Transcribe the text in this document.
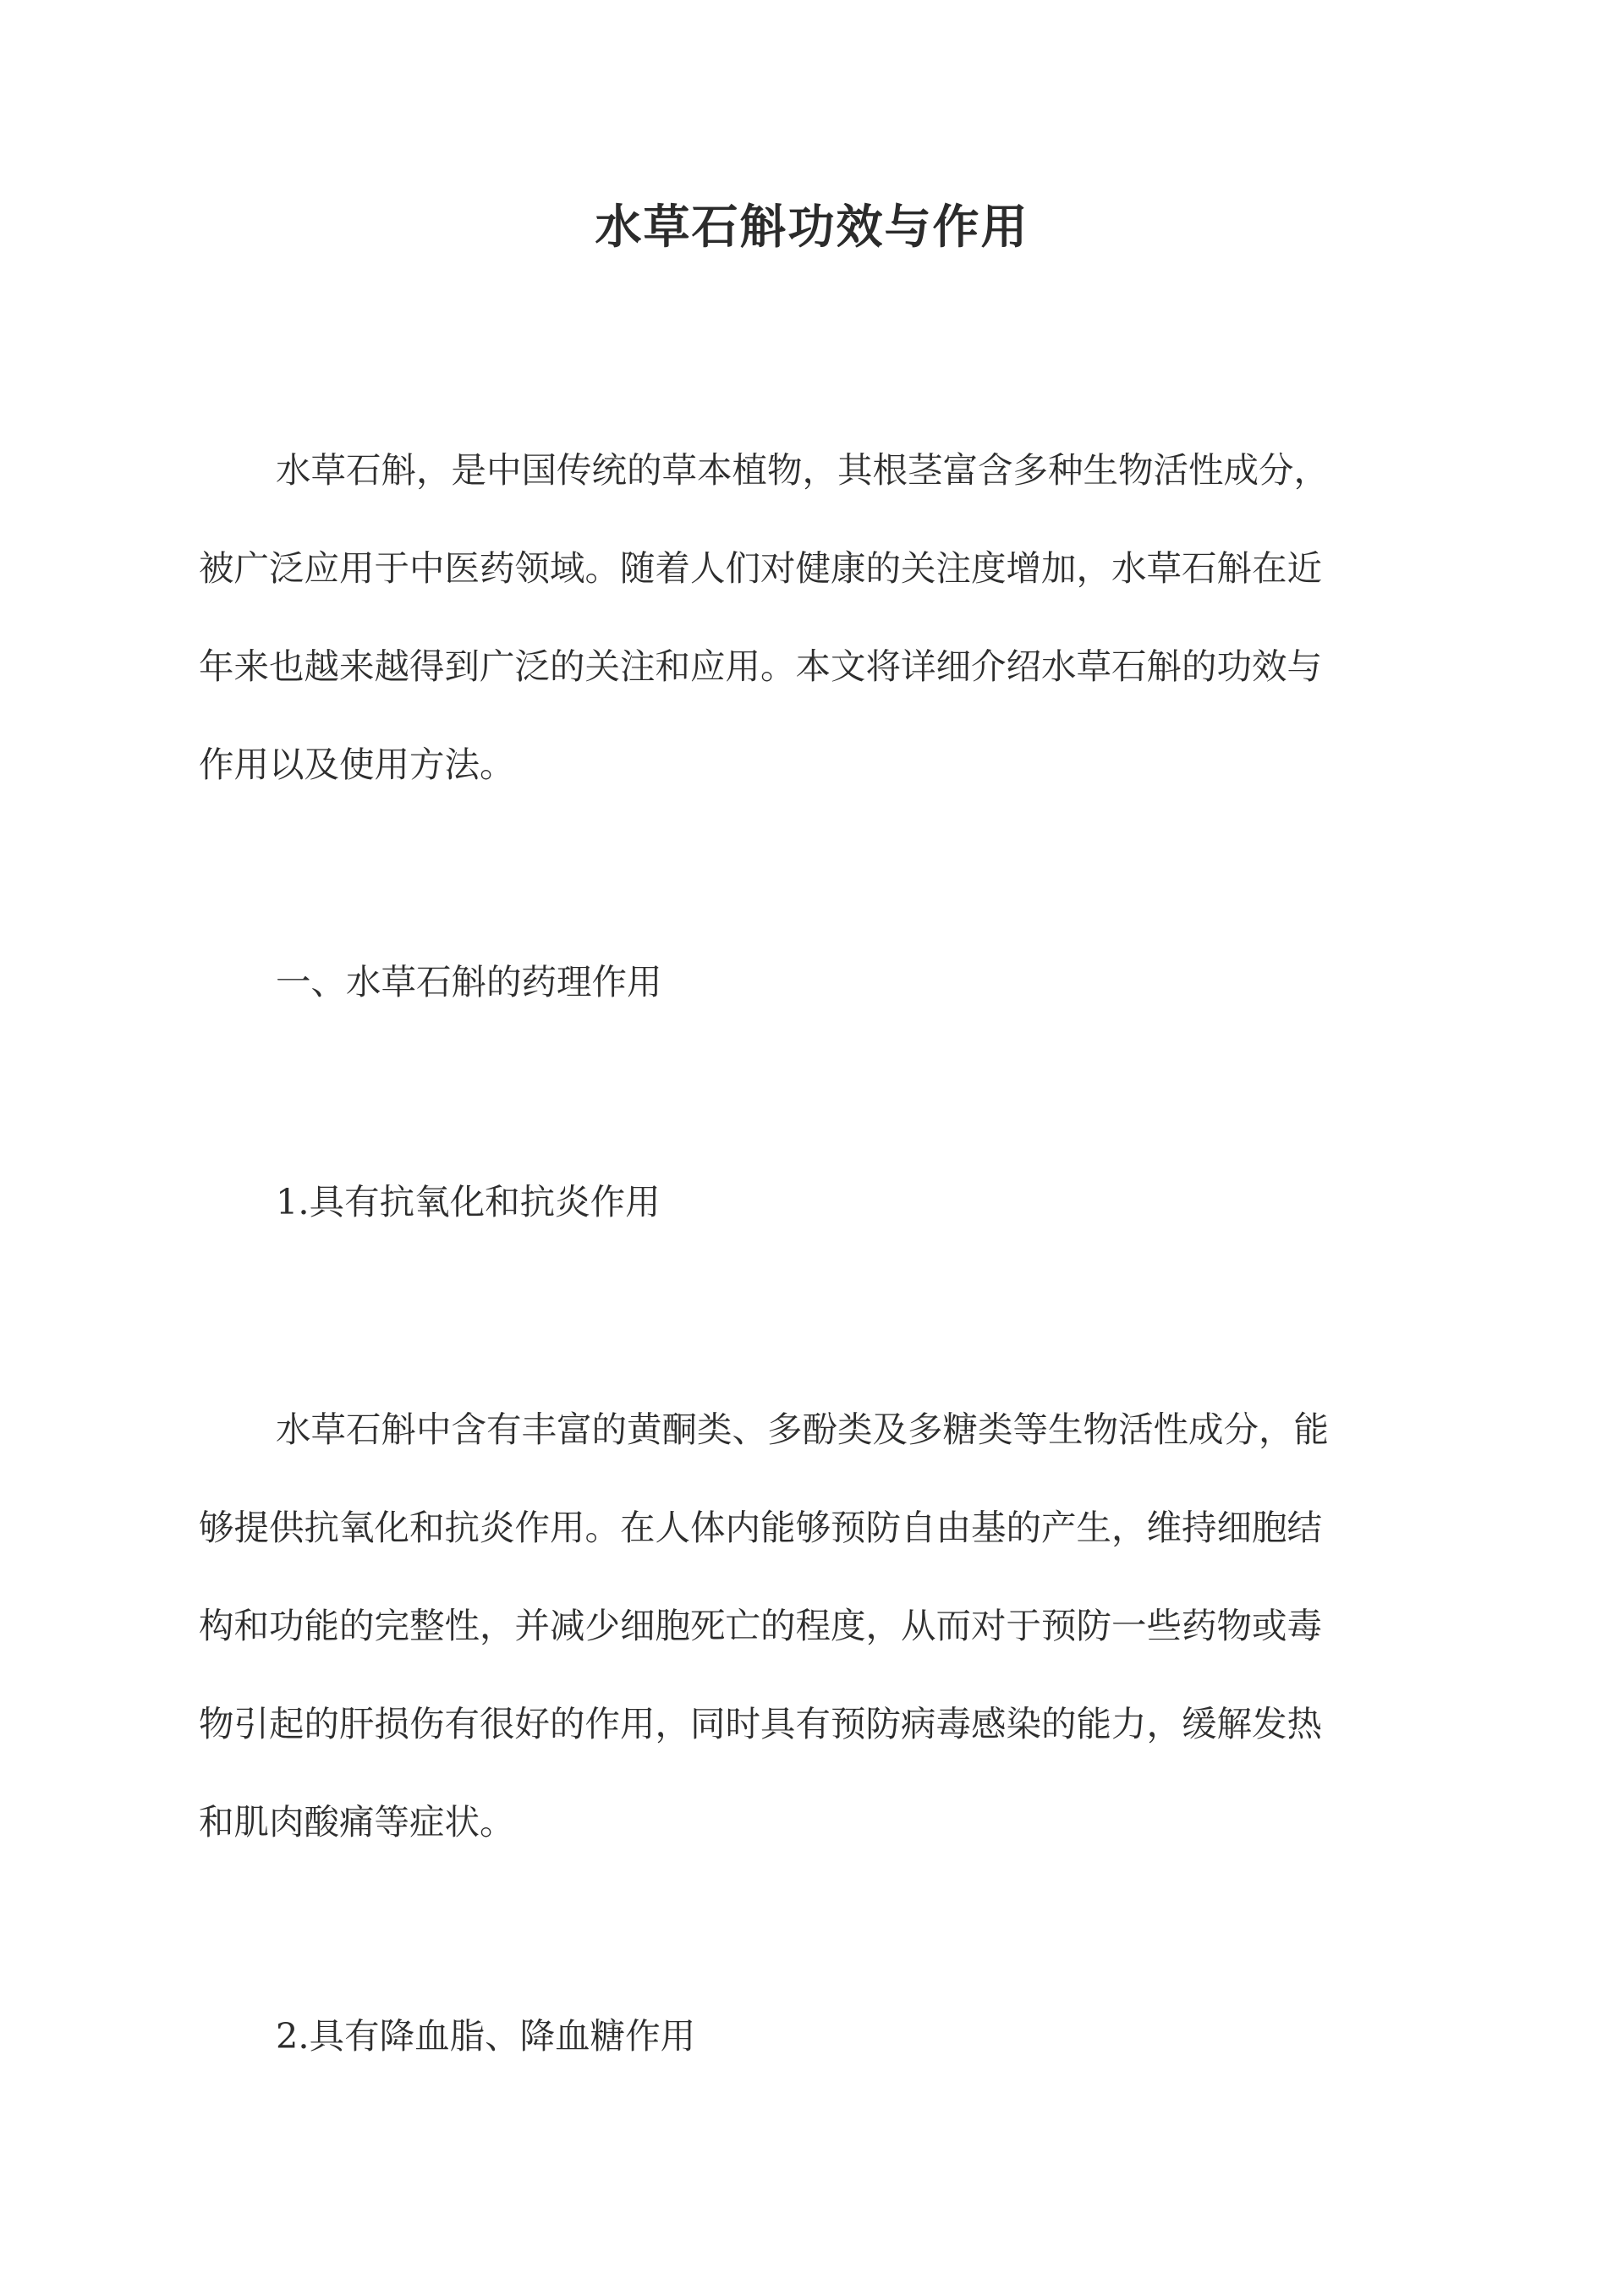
水草石斛功效与作用
水草石斛，是中国传统的草本植物，其根茎富含多种生物活性成分，
被广泛应用于中医药领域。随着人们对健康的关注度增加，水草石斛在近
年来也越来越得到广泛的关注和应用。本文将详细介绍水草石斛的功效与
作用以及使用方法。
一、水草石斛的药理作用
1.具有抗氧化和抗炎作用
水草石斛中含有丰富的黄酮类、多酚类及多糖类等生物活性成分，能
够提供抗氧化和抗炎作用。在人体内能够预防自由基的产生，维持细胞结
构和功能的完整性，并减少细胞死亡的程度，从而对于预防一些药物或毒
物引起的肝损伤有很好的作用，同时具有预防病毒感染的能力，缓解发热
和肌肉酸痛等症状。
2.具有降血脂、降血糖作用
